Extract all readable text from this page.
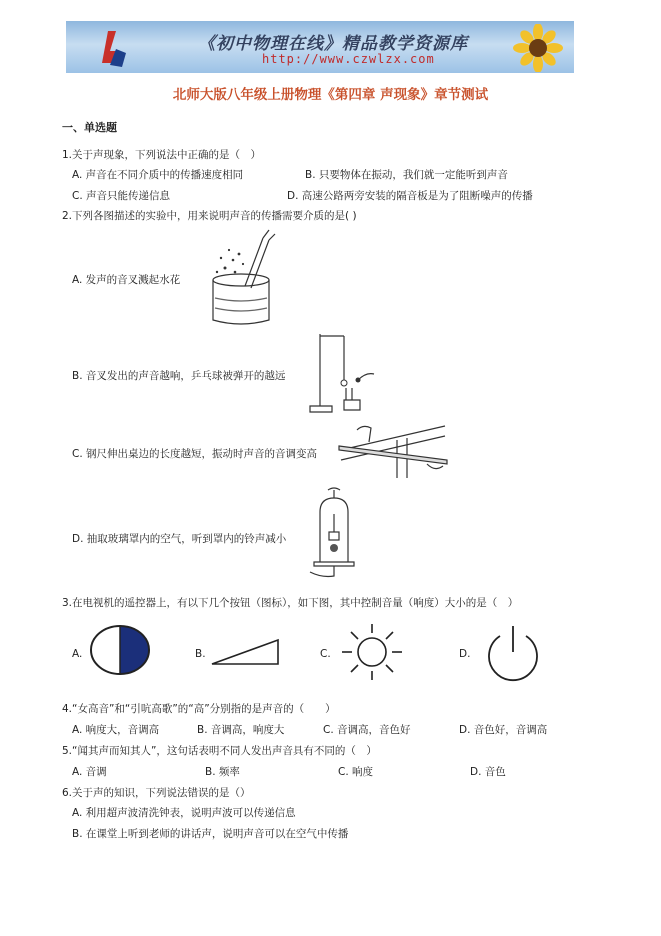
《初中物理在线》精品教学资源库
http://www.czwlzx.com
北师大版八年级上册物理《第四章 声现象》章节测试
一、单选题
1.关于声现象，下列说法中正确的是（　）
A. 声音在不同介质中的传播速度相同	B. 只要物体在振动，我们就一定能听到声音
C. 声音只能传递信息	D. 高速公路两旁安装的隔音板是为了阻断噪声的传播
2.下列各图描述的实验中，用来说明声音的传播需要介质的是( )
A. 发声的音叉溅起水花
B. 音叉发出的声音越响，乒乓球被弹开的越远
C. 钢尺伸出桌边的长度越短，振动时声音的音调变高
D. 抽取玻璃罩内的空气，听到罩内的铃声减小
3.在电视机的遥控器上，有以下几个按钮（图标），如下图，其中控制音量（响度）大小的是（　）
A.	B.	C.	D.
4.“女高音”和“引吭高歌”的“高”分别指的是声音的（　　）
A. 响度大，音调高	B. 音调高，响度大	C. 音调高，音色好	D. 音色好，音调高
5.“闻其声而知其人”，这句话表明不同人发出声音具有不同的（　）
A. 音调	B. 频率	C. 响度	D. 音色
6.关于声的知识，下列说法错误的是（）
A. 利用超声波清洗钟表，说明声波可以传递信息
B. 在课堂上听到老师的讲话声，说明声音可以在空气中传播
